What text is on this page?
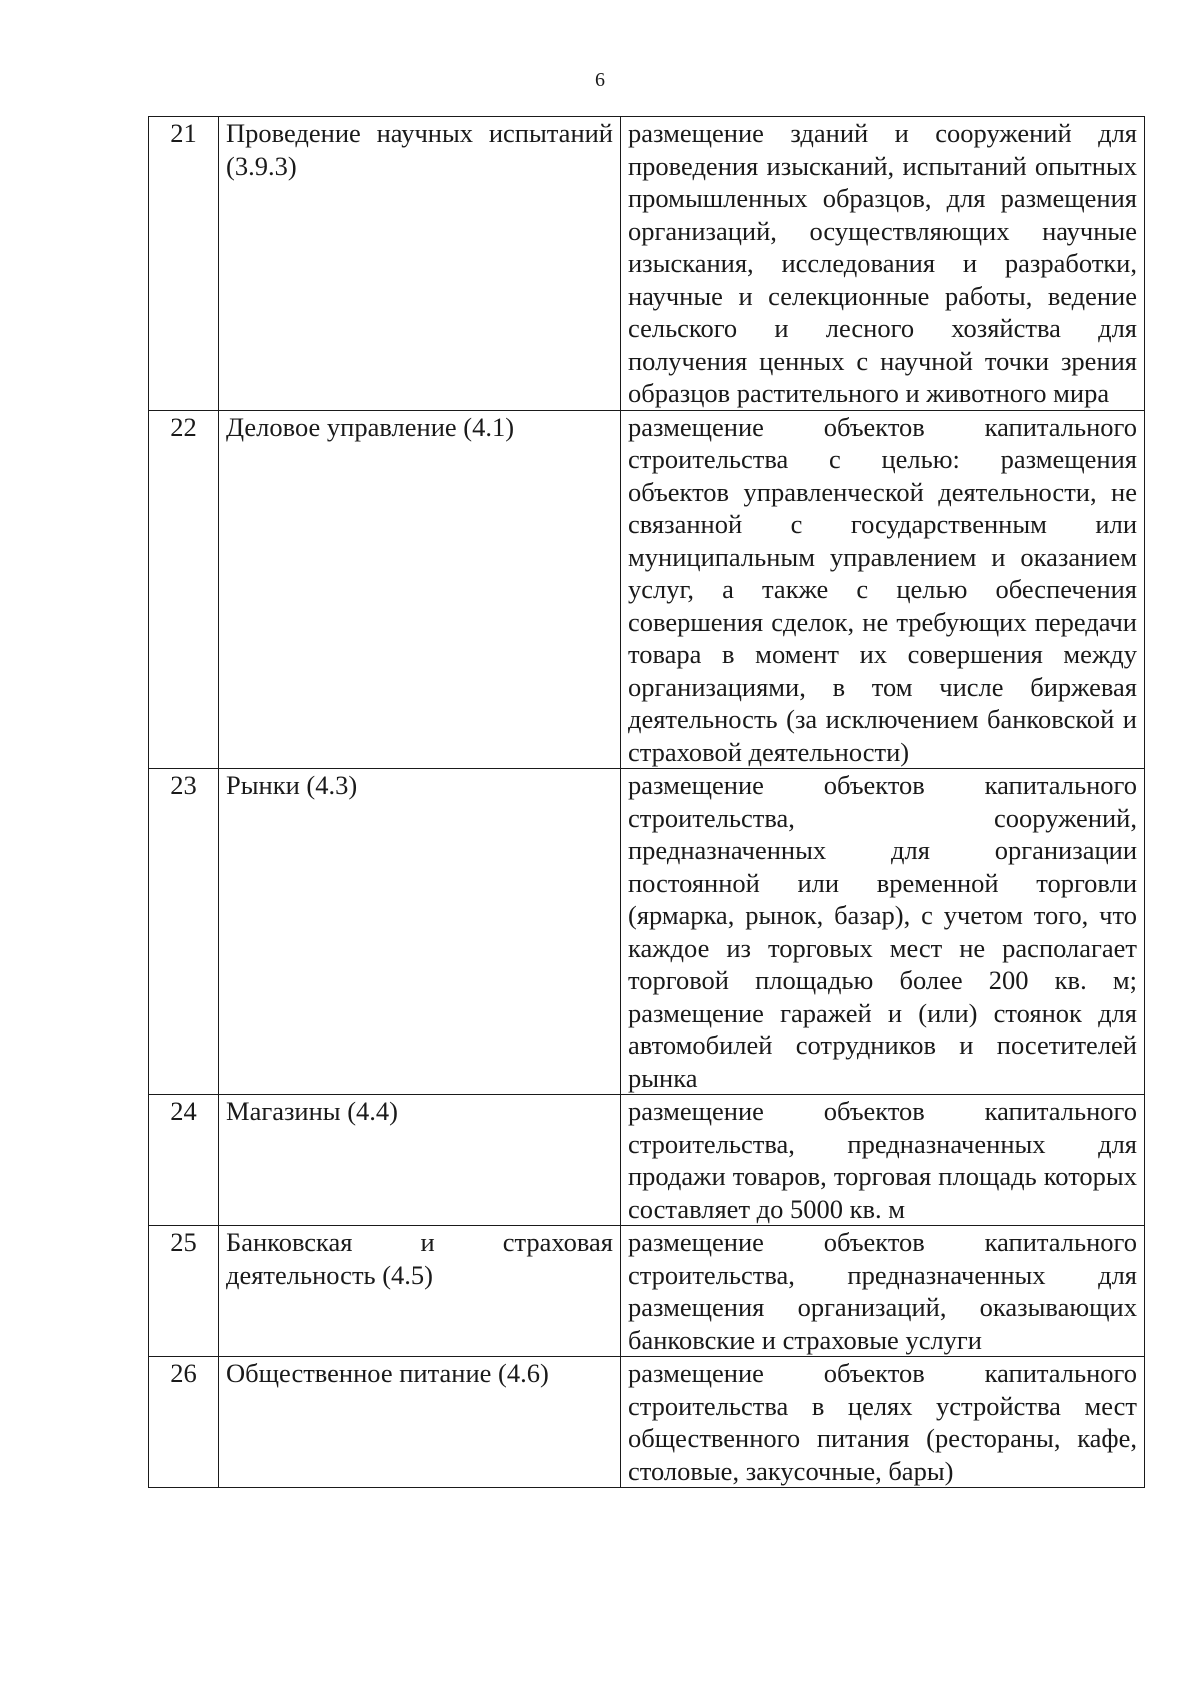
6
21	Проведение научных испытаний (3.9.3)	размещение зданий и сооружений для проведения изысканий, испытаний опытных промышленных образцов, для размещения организаций, осуществляющих научные изыскания, исследования и разработки, научные и селекционные работы, ведение сельского и лесного хозяйства для получения ценных с научной точки зрения образцов растительного и животного мира
22	Деловое управление (4.1)	размещение объектов капитального строительства с целью: размещения объектов управленческой деятельности, не связанной с государственным или муниципальным управлением и оказанием услуг, а также с целью обеспечения совершения сделок, не требующих передачи товара в момент их совершения между организациями, в том числе биржевая деятельность (за исключением банковской и страховой деятельности)
23	Рынки (4.3)	размещение объектов капитального строительства, сооружений, предназначенных для организации постоянной или временной торговли (ярмарка, рынок, базар), с учетом того, что каждое из торговых мест не располагает торговой площадью более 200 кв. м; размещение гаражей и (или) стоянок для автомобилей сотрудников и посетителей рынка
24	Магазины (4.4)	размещение объектов капитального строительства, предназначенных для продажи товаров, торговая площадь которых составляет до 5000 кв. м
25	Банковская и страховая деятельность (4.5)	размещение объектов капитального строительства, предназначенных для размещения организаций, оказывающих банковские и страховые услуги
26	Общественное питание (4.6)	размещение объектов капитального строительства в целях устройства мест общественного питания (рестораны, кафе, столовые, закусочные, бары)
